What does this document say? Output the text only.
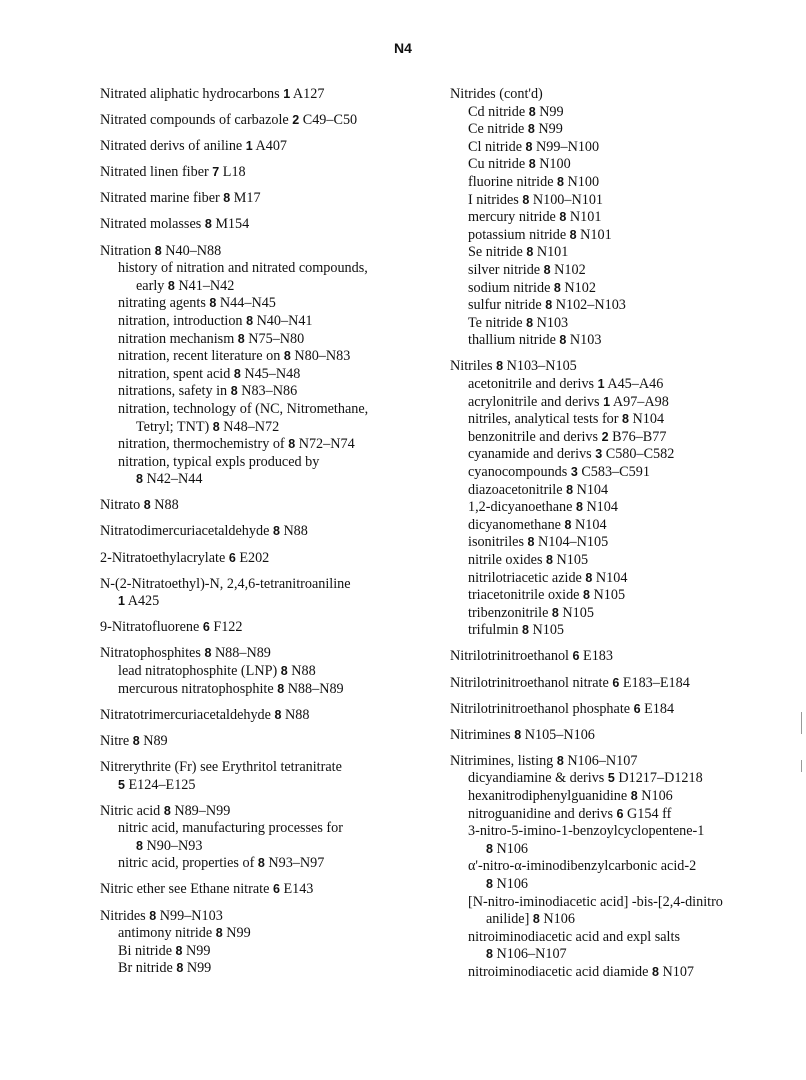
N4
Nitrated aliphatic hydrocarbons 1 A127
Nitrated compounds of carbazole 2 C49–C50
Nitrated derivs of aniline 1 A407
Nitrated linen fiber 7 L18
Nitrated marine fiber 8 M17
Nitrated molasses 8 M154
Nitration 8 N40–N88
history of nitration and nitrated compounds,
early 8 N41–N42
nitrating agents 8 N44–N45
nitration, introduction 8 N40–N41
nitration mechanism 8 N75–N80
nitration, recent literature on 8 N80–N83
nitration, spent acid 8 N45–N48
nitrations, safety in 8 N83–N86
nitration, technology of (NC, Nitromethane,
Tetryl; TNT) 8 N48–N72
nitration, thermochemistry of 8 N72–N74
nitration, typical expls produced by
8 N42–N44
Nitrato 8 N88
Nitratodimercuriacetaldehyde 8 N88
2-Nitratoethylacrylate 6 E202
N-(2-Nitratoethyl)-N, 2,4,6-tetranitroaniline
1 A425
9-Nitratofluorene 6 F122
Nitratophosphites 8 N88–N89
lead nitratophosphite (LNP) 8 N88
mercurous nitratophosphite 8 N88–N89
Nitratotrimercuriacetaldehyde 8 N88
Nitre 8 N89
Nitrerythrite (Fr) see Erythritol tetranitrate
5 E124–E125
Nitric acid 8 N89–N99
nitric acid, manufacturing processes for
8 N90–N93
nitric acid, properties of 8 N93–N97
Nitric ether see Ethane nitrate 6 E143
Nitrides 8 N99–N103
antimony nitride 8 N99
Bi nitride 8 N99
Br nitride 8 N99
Nitrides (cont'd)
Cd nitride 8 N99
Ce nitride 8 N99
Cl nitride 8 N99–N100
Cu nitride 8 N100
fluorine nitride 8 N100
I nitrides 8 N100–N101
mercury nitride 8 N101
potassium nitride 8 N101
Se nitride 8 N101
silver nitride 8 N102
sodium nitride 8 N102
sulfur nitride 8 N102–N103
Te nitride 8 N103
thallium nitride 8 N103
Nitriles 8 N103–N105
acetonitrile and derivs 1 A45–A46
acrylonitrile and derivs 1 A97–A98
nitriles, analytical tests for 8 N104
benzonitrile and derivs 2 B76–B77
cyanamide and derivs 3 C580–C582
cyanocompounds 3 C583–C591
diazoacetonitrile 8 N104
1,2-dicyanoethane 8 N104
dicyanomethane 8 N104
isonitriles 8 N104–N105
nitrile oxides 8 N105
nitrilotriacetic azide 8 N104
triacetonitrile oxide 8 N105
tribenzonitrile 8 N105
trifulmin 8 N105
Nitrilotrinitroethanol 6 E183
Nitrilotrinitroethanol nitrate 6 E183–E184
Nitrilotrinitroethanol phosphate 6 E184
Nitrimines 8 N105–N106
Nitrimines, listing 8 N106–N107
dicyandiamine & derivs 5 D1217–D1218
hexanitrodiphenylguanidine 8 N106
nitroguanidine and derivs 6 G154 ff
3-nitro-5-imino-1-benzoylcyclopentene-1
8 N106
α'-nitro-α-iminodibenzylcarbonic acid-2
8 N106
[N-nitro-iminodiacetic acid] -bis-[2,4-dinitro
anilide] 8 N106
nitroiminodiacetic acid and expl salts
8 N106–N107
nitroiminodiacetic acid diamide 8 N107
